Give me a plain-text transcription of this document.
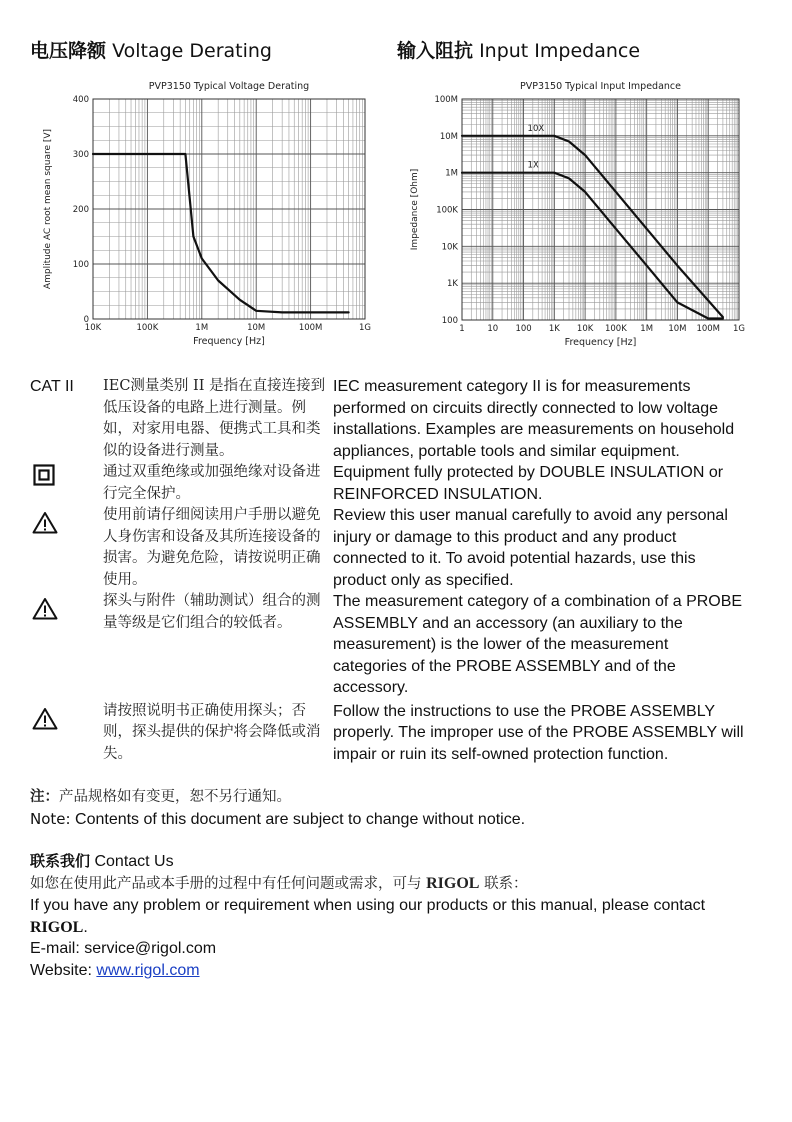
电压降额 Voltage Derating	输入阻抗 Input Impedance
10K	100K	1M	10M	100M	1G
0
100
200
300
400
PVP3150 Typical Voltage Derating
Frequency [Hz]
Amplitude AC root mean square [V]
1	10 100 1K 10K 100K 1M 10M 100M 1G
100
1K
10K
100K
1M
10M
100M
PVP3150 Typical Input Impedance
Frequency [Hz]
Impedance [Ohm]
10X
1X
CAT II	IEC测量类别 II 是指在直接连接到低压设备的电路上进行测量。例如，对家用电器、便携式工具和类似的设备进行测量。	IEC measurement category II is for measurements performed on circuits directly connected to low voltage installations. Examples are measurements on household appliances, portable tools and similar equipment.

	通过双重绝缘或加强绝缘对设备进行完全保护。	Equipment fully protected by DOUBLE INSULATION or REINFORCED INSULATION.

	使用前请仔细阅读用户手册以避免人身伤害和设备及其所连接设备的损害。为避免危险，请按说明正确使用。	Review this user manual carefully to avoid any personal injury or damage to this product and any product connected to it. To avoid potential hazards, use this product only as specified.

	探头与附件（辅助测试）组合的测量等级是它们组合的较低者。	The measurement category of a combination of a PROBE ASSEMBLY and an accessory (an auxiliary to the measurement) is the lower of the measurement categories of the PROBE ASSEMBLY and of the accessory.

	请按照说明书正确使用探头；否则，探头提供的保护将会降低或消失。	Follow the instructions to use the PROBE ASSEMBLY properly. The improper use of the PROBE ASSEMBLY will impair or ruin its self-owned protection function.
注：产品规格如有变更，恕不另行通知。
Note: Contents of this document are subject to change without notice.
联系我们 Contact Us
如您在使用此产品或本手册的过程中有任何问题或需求，可与 RIGOL 联系：
If you have any problem or requirement when using our products or this manual, please contact
RIGOL.
E-mail: service@rigol.com
Website: www.rigol.com
